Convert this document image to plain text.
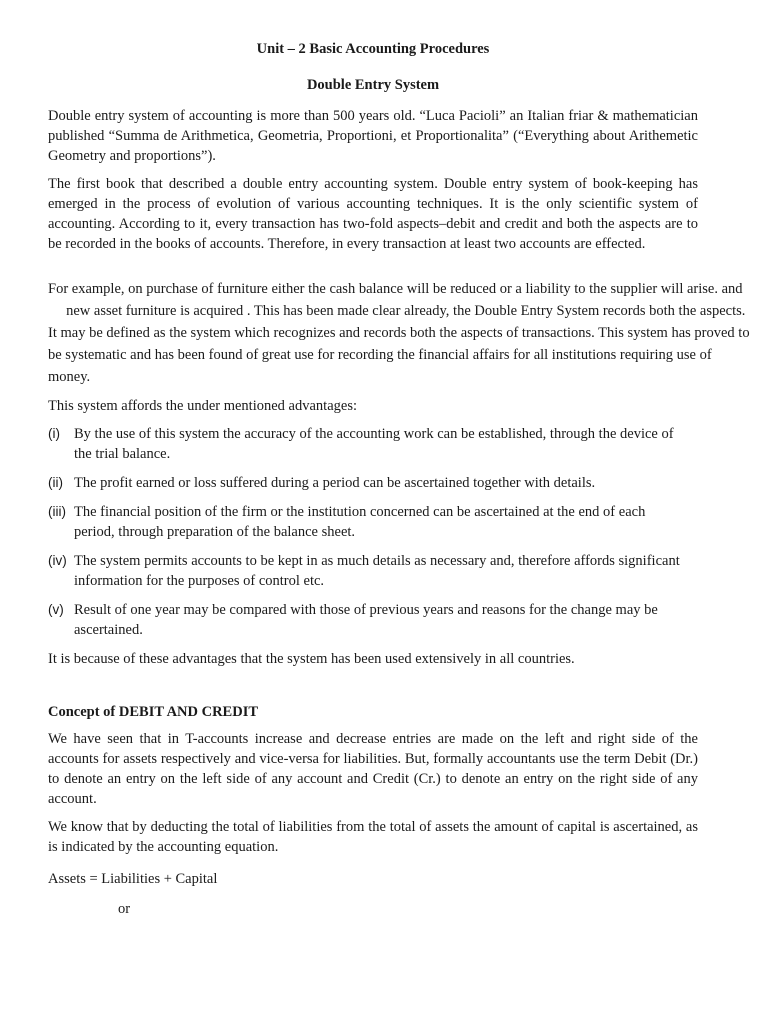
Unit – 2 Basic Accounting Procedures
Double Entry System

Double entry system of accounting is more than 500 years old. “Luca Pacioli” an Italian friar & mathematician published “Summa de Arithmetica, Geometria, Proportioni, et Proportionalita” (“Everything about Arithemetic Geometry and proportions”).

The first book that described a double entry accounting system. Double entry system of book-keeping has emerged in the process of evolution of various accounting techniques. It is the only scientific system of accounting. According to it, every transaction has two-fold aspects–debit and credit and both the aspects are to be recorded in the books of accounts. Therefore, in every transaction at least two accounts are effected.

For example, on purchase of furniture either the cash balance will be reduced or a liability to the supplier will arise. and      new asset furniture is acquired . This has been made clear already, the Double Entry System records both the aspects. It may be defined as the system which recognizes and records both the aspects of transactions. This system has proved to be systematic and has been found of great use for recording the financial affairs for all institutions requiring use of money.

This system affords the under mentioned advantages:

(i) By the use of this system the accuracy of the accounting work can be established, through the device of the trial balance.
(ii) The profit earned or loss suffered during a period can be ascertained together with details.
(iii) The financial position of the firm or the institution concerned can be ascertained at the end of each period, through preparation of the balance sheet.
(iv) The system permits accounts to be kept in as much details as necessary and, therefore affords significant information for the purposes of control etc.
(v) Result of one year may be compared with those of previous years and reasons for the change may be ascertained.

It is because of these advantages that the system has been used extensively in all countries.

Concept of DEBIT AND CREDIT

We have seen that in T-accounts increase and decrease entries are made on the left and right side of the accounts for assets respectively and vice-versa for liabilities. But, formally accountants use the term Debit (Dr.) to denote an entry on the left side of any account and Credit (Cr.) to denote an entry on the right side of any account.

We know that by deducting the total of liabilities from the total of assets the amount of capital is ascertained, as is indicated by the accounting equation.

Assets = Liabilities + Capital

or
